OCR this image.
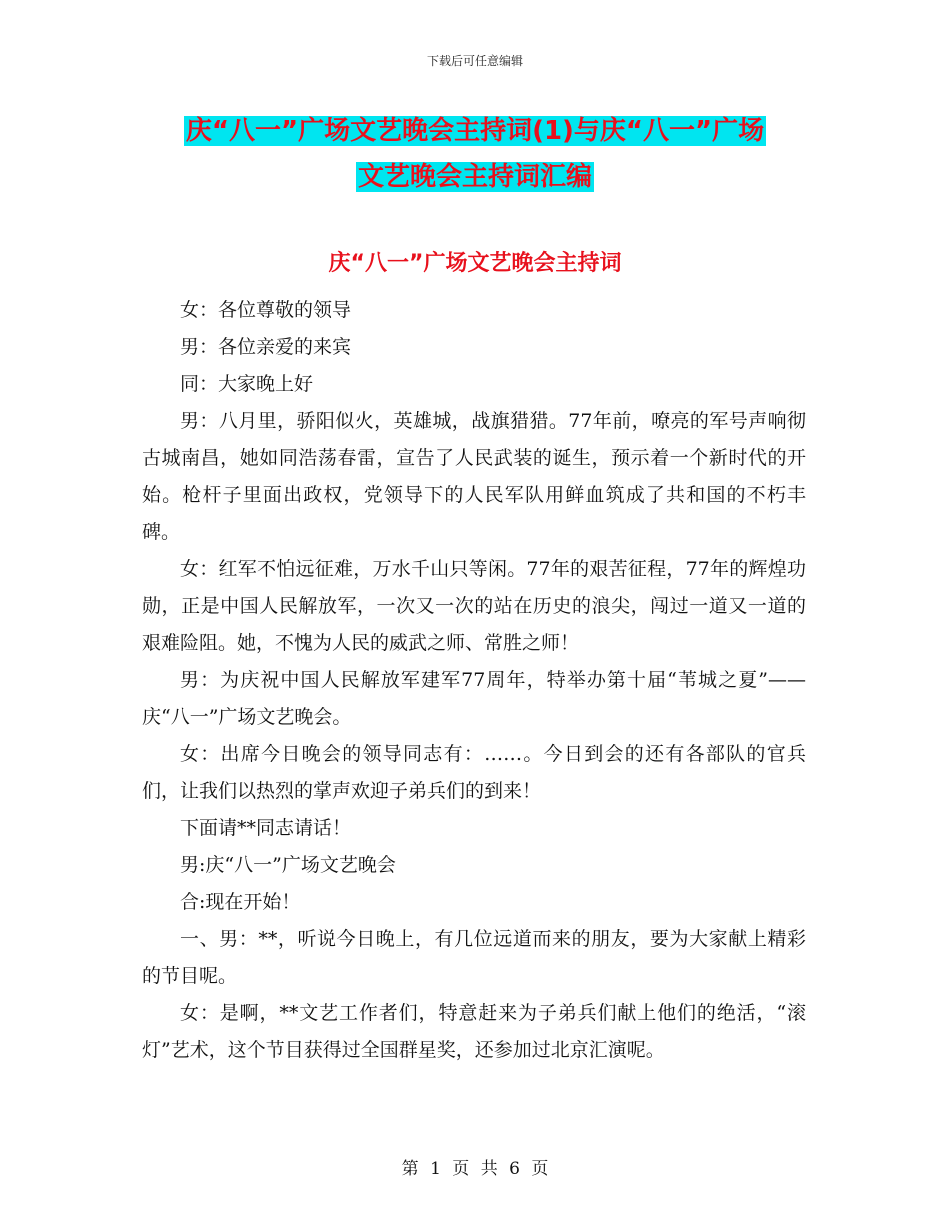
下载后可任意编辑
庆“八一”广场文艺晚会主持词(1)与庆“八一”广场
文艺晚会主持词汇编
庆“八一”广场文艺晚会主持词

女：各位尊敬的领导

男：各位亲爱的来宾

同：大家晚上好

男：八月里，骄阳似火，英雄城，战旗猎猎。77年前，嘹亮的军号声响彻古城南昌，她如同浩荡春雷，宣告了人民武装的诞生，预示着一个新时代的开始。枪杆子里面出政权，党领导下的人民军队用鲜血筑成了共和国的不朽丰碑。

女：红军不怕远征难，万水千山只等闲。77年的艰苦征程，77年的辉煌功勋，正是中国人民解放军，一次又一次的站在历史的浪尖，闯过一道又一道的艰难险阻。她，不愧为人民的威武之师、常胜之师！

男：为庆祝中国人民解放军建军77周年，特举办第十届“苇城之夏”——庆“八一”广场文艺晚会。

女：出席今日晚会的领导同志有：……。今日到会的还有各部队的官兵们，让我们以热烈的掌声欢迎子弟兵们的到来！

下面请**同志请话！

男:庆“八一”广场文艺晚会

合:现在开始！

一、男：**，听说今日晚上，有几位远道而来的朋友，要为大家献上精彩的节目呢。

女：是啊，**文艺工作者们，特意赶来为子弟兵们献上他们的绝活，“滚灯”艺术，这个节目获得过全国群星奖，还参加过北京汇演呢。

第 1 页 共 6 页
